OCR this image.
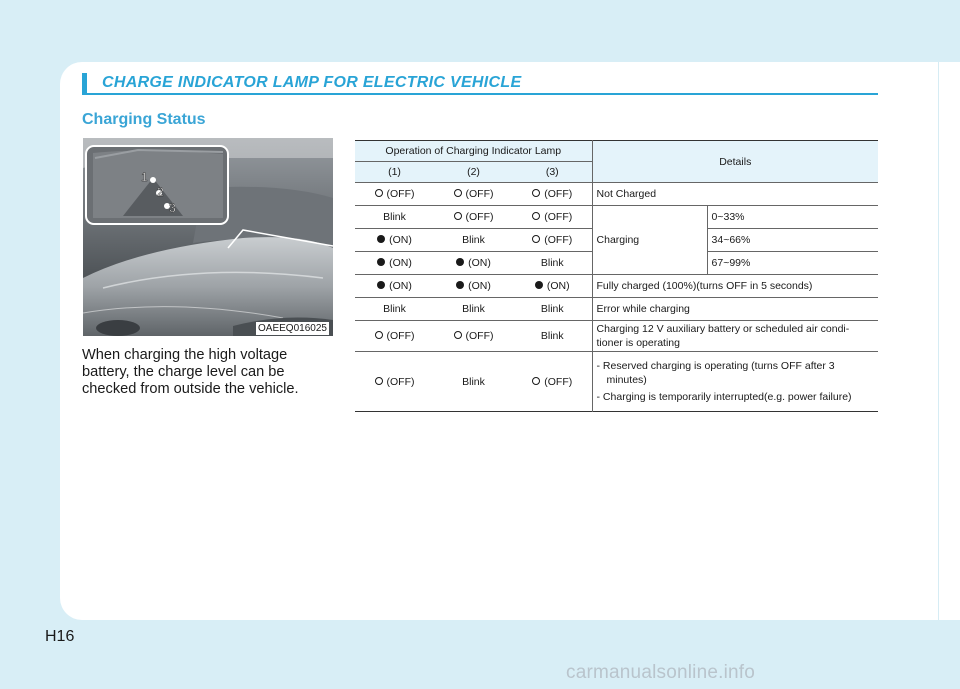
CHARGE INDICATOR LAMP FOR ELECTRIC VEHICLE
Charging Status
1
2
3
OAEEQ016025
When charging the high voltage battery, the charge level can be checked from outside the vehicle.
Operation of Charging Indicator Lamp			Details	
(1)	(2)	(3)		
(OFF)	(OFF)	(OFF)	Not Charged	
Blink	(OFF)	(OFF)	Charging	0~33%
(ON)	Blink	(OFF)		34~66%
(ON)	(ON)	Blink		67~99%
(ON)	(ON)	(ON)	Fully charged (100%)(turns OFF in 5 seconds)	
Blink	Blink	Blink	Error while charging	
(OFF)	(OFF)	Blink	Charging 12 V auxiliary battery or scheduled air condi-
tioner is operating	

(OFF)	Blink	(OFF)	- Reserved charging is operating (turns OFF after 3
minutes)
- Charging is temporarily interrupted(e.g. power failure)	
H16
carmanualsonline.info
